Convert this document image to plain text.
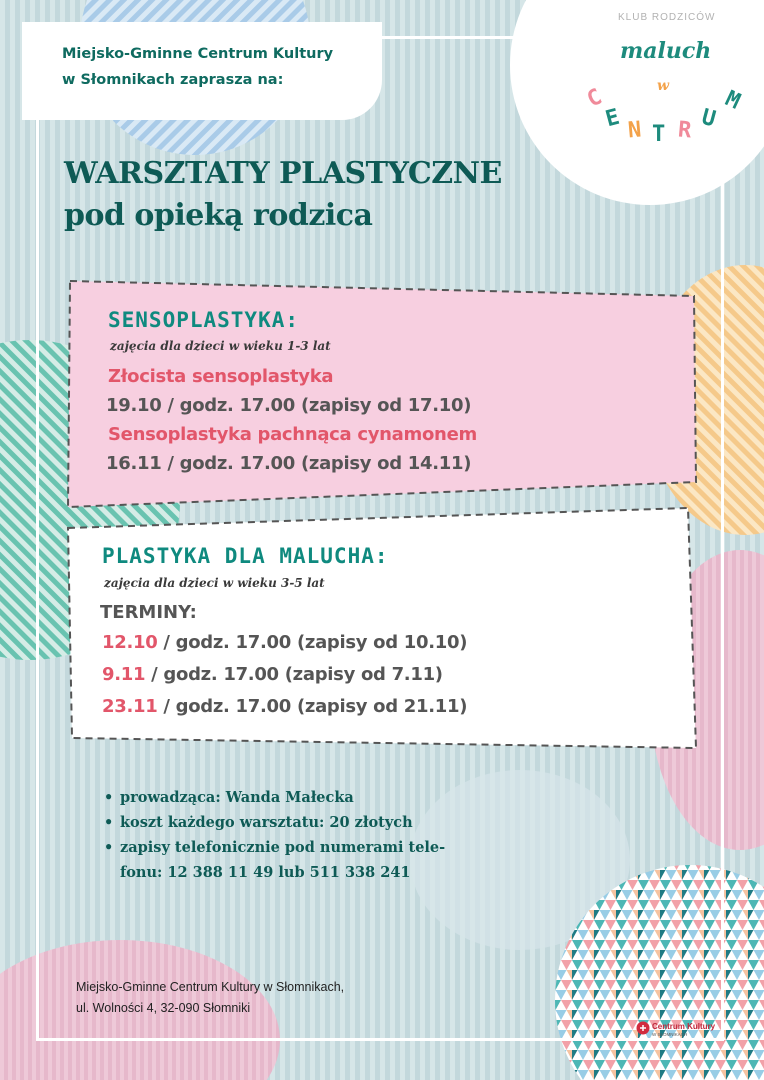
Miejsko-Gminne Centrum Kultury
w Słomnikach zaprasza na:
KLUB RODZICÓW
maluch
w
C
E N T R U
M
WARSZTATY PLASTYCZNE
pod opieką rodzica
SENSOPLASTYKA:
zajęcia dla dzieci w wieku 1-3 lat
Złocista sensoplastyka
19.10 / godz. 17.00 (zapisy od 17.10)
Sensoplastyka pachnąca cynamonem
16.11 / godz. 17.00 (zapisy od 14.11)
PLASTYKA DLA MALUCHA:
zajęcia dla dzieci w wieku 3-5 lat
TERMINY:
12.10 / godz. 17.00 (zapisy od 10.10)
9.11 / godz. 17.00 (zapisy od 7.11)
23.11 / godz. 17.00 (zapisy od 21.11)
• prowadząca: Wanda Małecka
• koszt każdego warsztatu: 20 złotych
• zapisy telefonicznie pod numerami tele-
fonu: 12 388 11 49 lub 511 338 241
Miejsko-Gminne Centrum Kultury w Słomnikach,
ul. Wolności 4, 32-090 Słomniki
Centrum Kultury
W SŁOMNIKACH
